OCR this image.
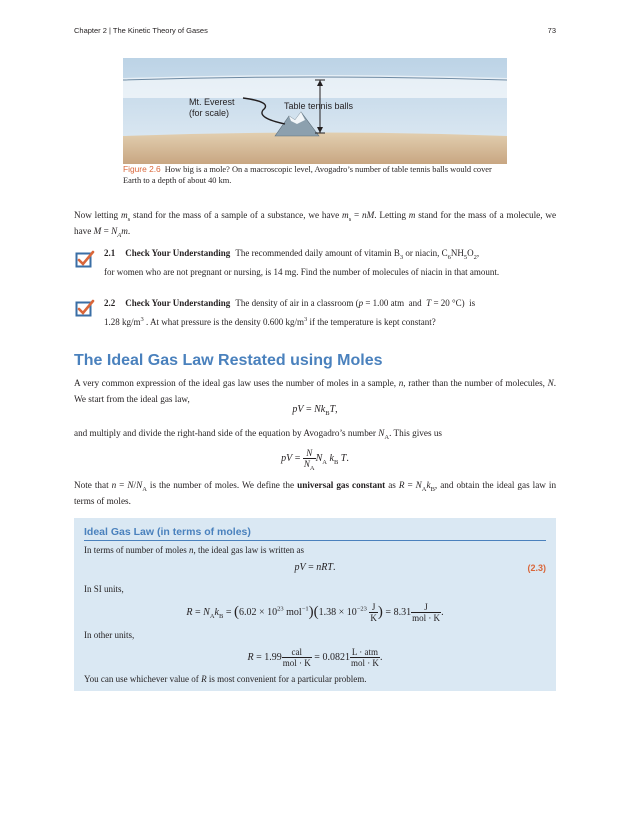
Chapter 2 | The Kinetic Theory of Gases	73
Mt. Everest
(for scale)
Table tennis balls
Figure 2.6 How big is a mole? On a macroscopic level, Avogadro’s number of table tennis balls would cover Earth to a depth of about 40 km.
Now letting $m_s$ stand for the mass of a sample of a substance, we have $m_s$ = nM. Letting m stand for the mass of a molecule, we have $M = N_Am$.
2.1 Check Your Understanding The recommended daily amount of vitamin $B_3$ or niacin, $C_6NH_5O_2$,
for women who are not pregnant or nursing, is 14 mg. Find the number of molecules of niacin in that amount.
2.2 Check Your Understanding The density of air in a classroom (p = 1.00 atm  and  T = 20 °C)  is
1.28 $kg/m^3$ . At what pressure is the density 0.600 $kg/m^3$ if the temperature is kept constant?
The Ideal Gas Law Restated using Moles
A very common expression of the ideal gas law uses the number of moles in a sample, n, rather than the number of molecules, N. We start from the ideal gas law,
pV = $Nk_BT$,
and multiply and divide the right-hand side of the equation by Avogadro’s number $N_A$. This gives us
pV = $\frac{N}{N_A} N_A$ $k_B$ T.
Note that $n = N/N_A$ is the number of moles. We define the universal gas constant as $R = N_Ak_B$, and obtain the ideal gas law in terms of moles.
Ideal Gas Law (in terms of moles)
In terms of number of moles n, the ideal gas law is written as
pV = nRT.	(2.3)
In SI units,
$R = N_Ak_B = (6.02 \times 10^{23}$ $mol^{-1})(1.38 \times 10^{-23} \frac{J}{K}$ ) = $8.31 \frac{J}{\text{mol · K}}$ .
In other units,
$R = 1.99 \frac{\text{cal}}{\text{mol · K}} = 0.0821 \frac{\text{L · atm}}{\text{mol · K}}$ .
You can use whichever value of R is most convenient for a particular problem.
